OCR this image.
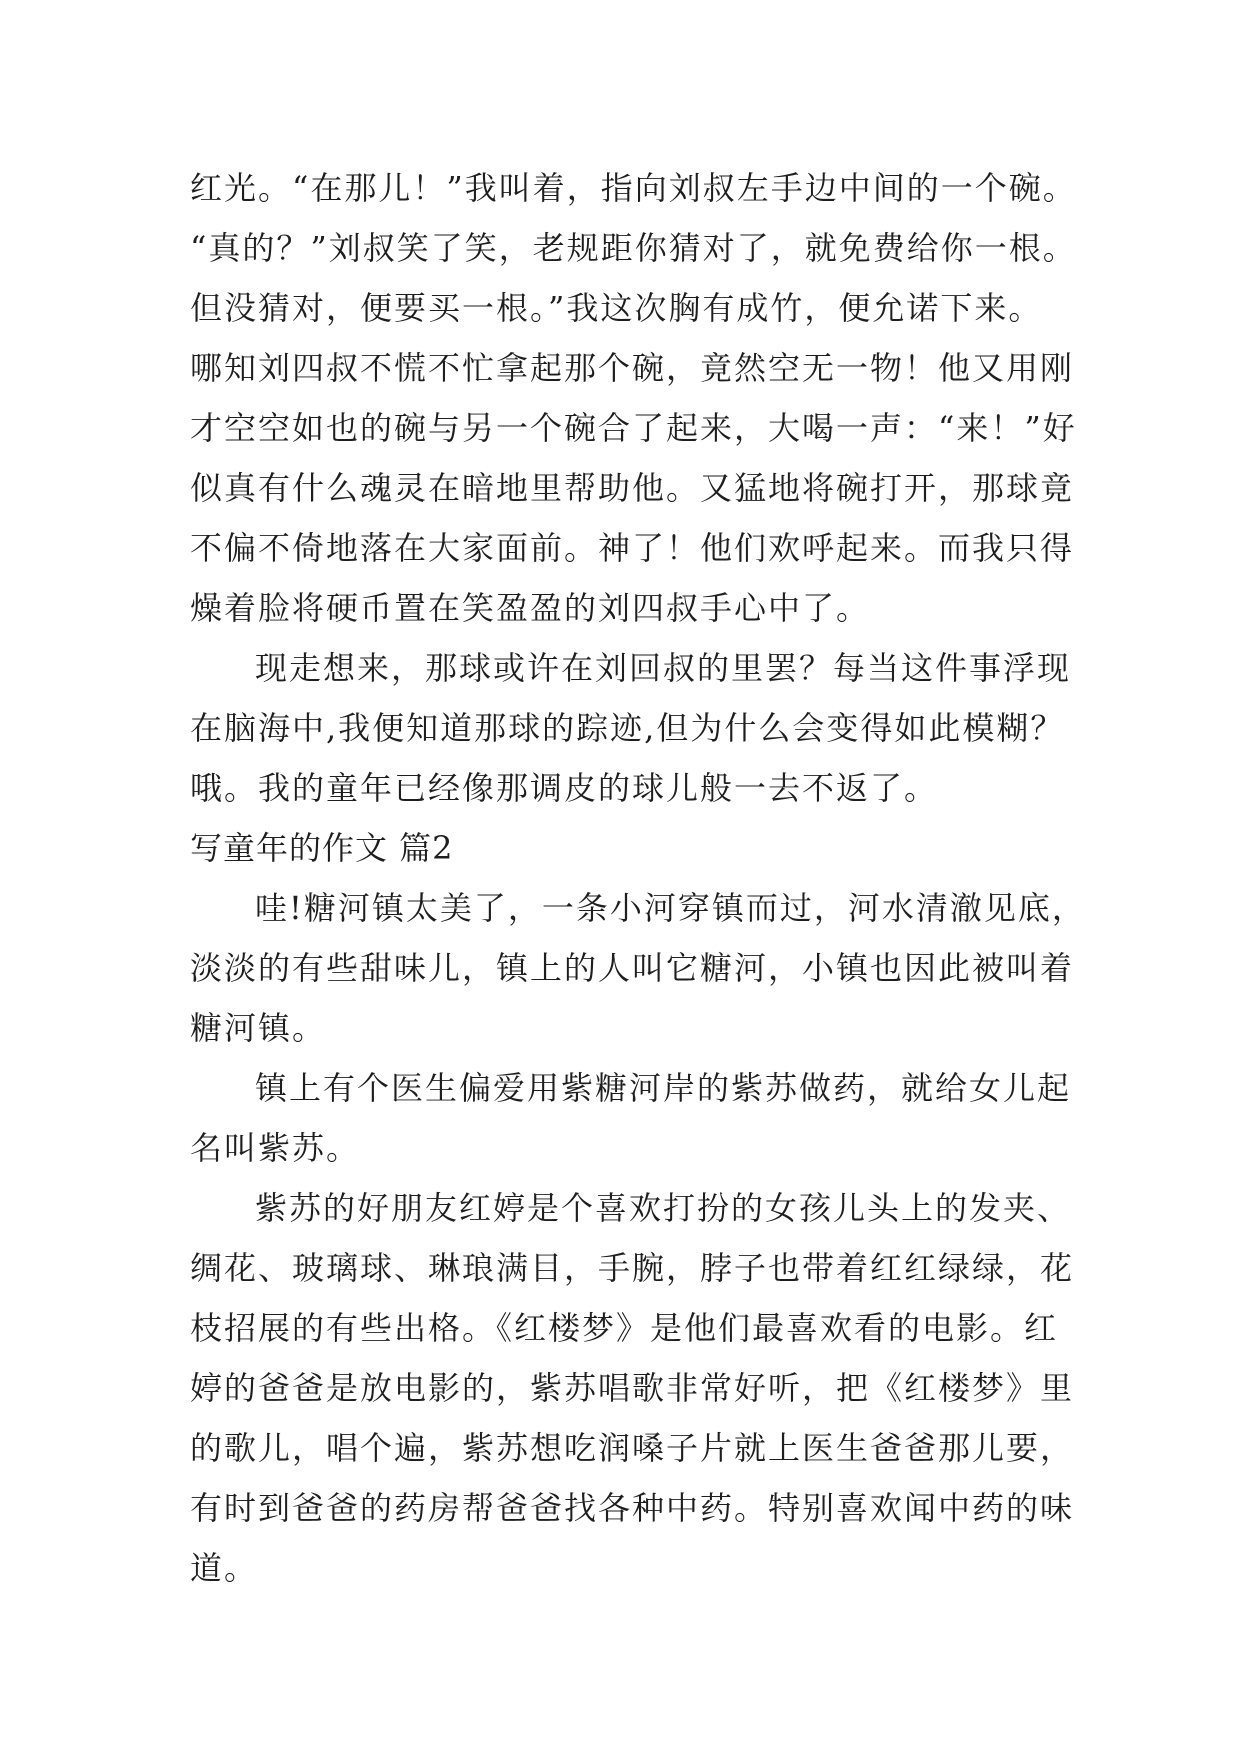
红光。“在那儿！”我叫着，指向刘叔左手边中间的一个碗。
“真的？”刘叔笑了笑，老规距你猜对了，就免费给你一根。
但没猜对，便要买一根。”我这次胸有成竹，便允诺下来。
哪知刘四叔不慌不忙拿起那个碗，竟然空无一物！他又用刚
才空空如也的碗与另一个碗合了起来，大喝一声：“来！”好
似真有什么魂灵在暗地里帮助他。又猛地将碗打开，那球竟
不偏不倚地落在大家面前。神了！他们欢呼起来。而我只得
燥着脸将硬币置在笑盈盈的刘四叔手心中了。
现走想来，那球或许在刘回叔的里罢？每当这件事浮现
在脑海中,我便知道那球的踪迹,但为什么会变得如此模糊？
哦。我的童年已经像那调皮的球儿般一去不返了。
写童年的作文 篇2
哇!糖河镇太美了，一条小河穿镇而过，河水清澈见底，
淡淡的有些甜味儿，镇上的人叫它糖河，小镇也因此被叫着
糖河镇。
镇上有个医生偏爱用紫糖河岸的紫苏做药，就给女儿起
名叫紫苏。
紫苏的好朋友红婷是个喜欢打扮的女孩儿头上的发夹、
绸花、玻璃球、琳琅满目，手腕，脖子也带着红红绿绿，花
枝招展的有些出格。《红楼梦》是他们最喜欢看的电影。红
婷的爸爸是放电影的，紫苏唱歌非常好听，把《红楼梦》里
的歌儿，唱个遍，紫苏想吃润嗓子片就上医生爸爸那儿要，
有时到爸爸的药房帮爸爸找各种中药。特别喜欢闻中药的味
道。
